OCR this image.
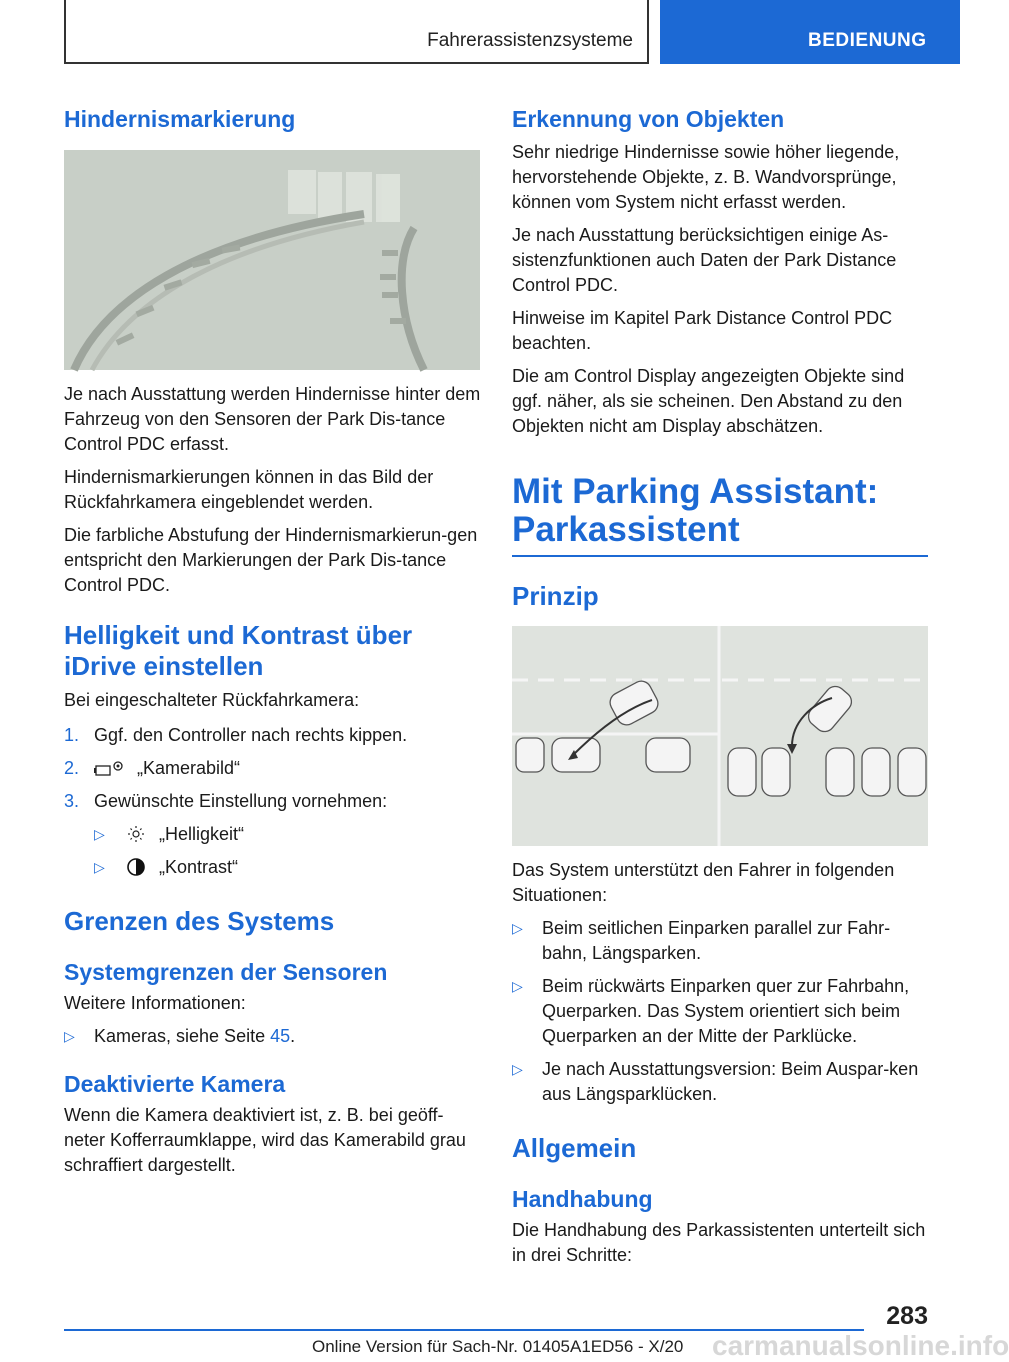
Fahrerassistenzsysteme	BEDIENUNG
Hindernismarkierung
Je nach Ausstattung werden Hindernisse hinter dem Fahrzeug von den Sensoren der Park Dis-tance Control PDC erfasst.
Hindernismarkierungen können in das Bild der Rückfahrkamera eingeblendet werden.
Die farbliche Abstufung der Hindernismarkierun-gen entspricht den Markierungen der Park Dis-tance Control PDC.
Helligkeit und Kontrast über iDrive einstellen
Bei eingeschalteter Rückfahrkamera:
1. Ggf. den Controller nach rechts kippen.
2.	„Kamerabild“
3. Gewünschte Einstellung vornehmen:
▷	„Helligkeit“
▷	„Kontrast“
Grenzen des Systems
Systemgrenzen der Sensoren
Weitere Informationen:
▷ Kameras, siehe Seite 45.
Deaktivierte Kamera
Wenn die Kamera deaktiviert ist, z. B. bei geöff-neter Kofferraumklappe, wird das Kamerabild grau schraffiert dargestellt.
Erkennung von Objekten
Sehr niedrige Hindernisse sowie höher liegende, hervorstehende Objekte, z. B. Wandvorsprünge, können vom System nicht erfasst werden.
Je nach Ausstattung berücksichtigen einige As-sistenzfunktionen auch Daten der Park Distance Control PDC.
Hinweise im Kapitel Park Distance Control PDC beachten.
Die am Control Display angezeigten Objekte sind ggf. näher, als sie scheinen. Den Abstand zu den Objekten nicht am Display abschätzen.
Mit Parking Assistant:
Parkassistent
Prinzip
Das System unterstützt den Fahrer in folgenden Situationen:
▷ Beim seitlichen Einparken parallel zur Fahr-bahn, Längsparken.
▷ Beim rückwärts Einparken quer zur Fahrbahn, Querparken. Das System orientiert sich beim Querparken an der Mitte der Parklücke.
▷ Je nach Ausstattungsversion: Beim Auspar-ken aus Längsparklücken.
Allgemein
Handhabung
Die Handhabung des Parkassistenten unterteilt sich in drei Schritte:
283
Online Version für Sach-Nr. 01405A1ED56 - X/20 carmanualsonline.info
